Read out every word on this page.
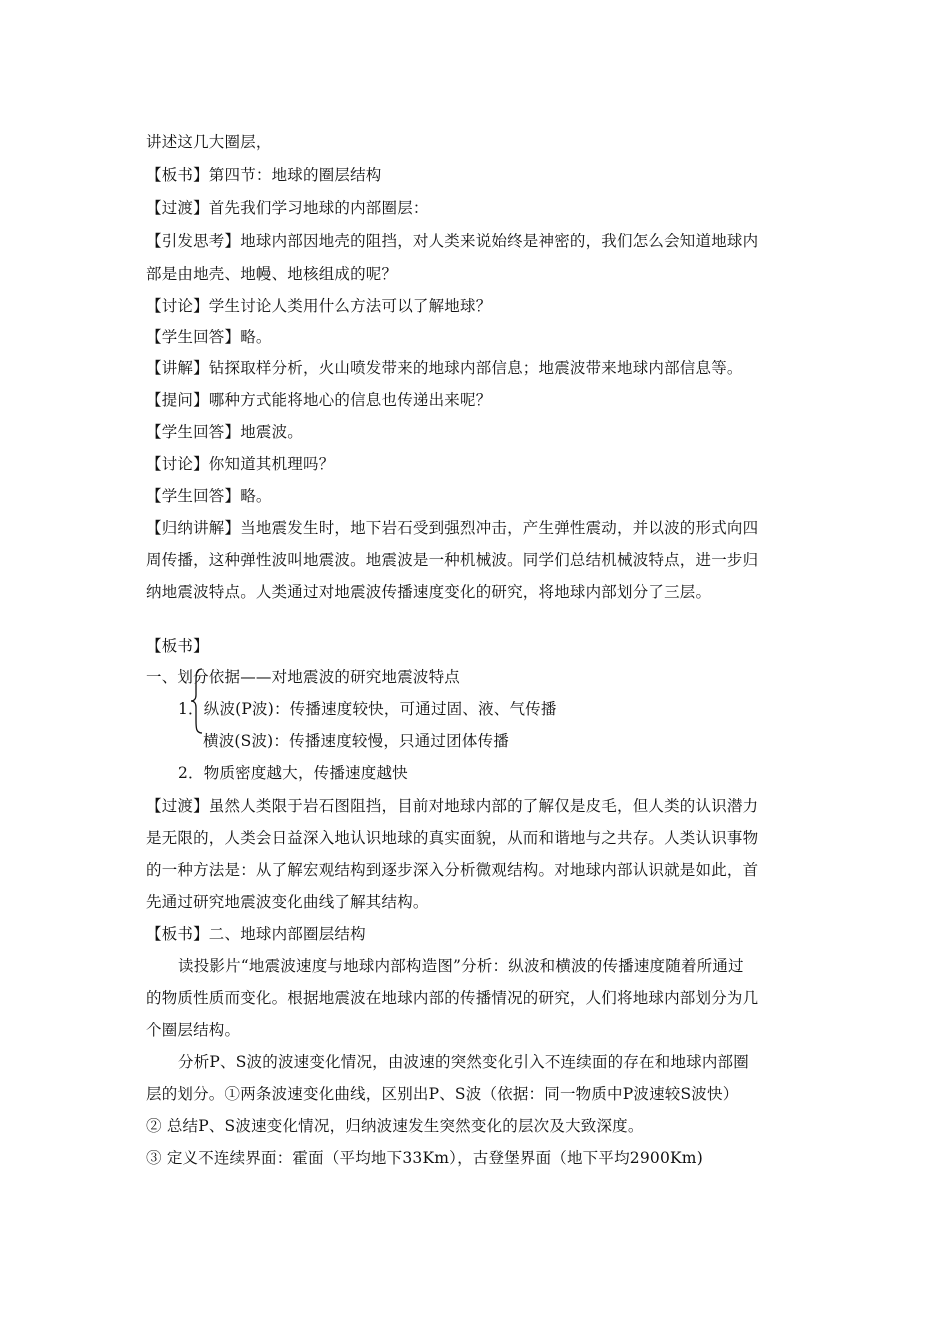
讲述这几大圈层，
【板书】第四节：地球的圈层结构
【过渡】首先我们学习地球的内部圈层：
【引发思考】地球内部因地壳的阻挡，对人类来说始终是神密的，我们怎么会知道地球内
部是由地壳、地幔、地核组成的呢？
【讨论】学生讨论人类用什么方法可以了解地球？
【学生回答】略。
【讲解】钻探取样分析，火山喷发带来的地球内部信息；地震波带来地球内部信息等。
【提问】哪种方式能将地心的信息也传递出来呢？
【学生回答】地震波。
【讨论】你知道其机理吗？
【学生回答】略。
【归纳讲解】当地震发生时，地下岩石受到强烈冲击，产生弹性震动，并以波的形式向四
周传播，这种弹性波叫地震波。地震波是一种机械波。同学们总结机械波特点，进一步归
纳地震波特点。人类通过对地震波传播速度变化的研究，将地球内部划分了三层。
【板书】
一、划分依据——对地震波的研究地震波特点
1．纵波(P波)：传播速度较快，可通过固、液、气传播
横波(S波)：传播速度较慢，只通过团体传播
2．物质密度越大，传播速度越快
【过渡】虽然人类限于岩石图阻挡，目前对地球内部的了解仅是皮毛，但人类的认识潜力
是无限的，人类会日益深入地认识地球的真实面貌，从而和谐地与之共存。人类认识事物
的一种方法是：从了解宏观结构到逐步深入分析微观结构。对地球内部认识就是如此，首
先通过研究地震波变化曲线了解其结构。
【板书】二、地球内部圈层结构
读投影片“地震波速度与地球内部构造图”分析：纵波和横波的传播速度随着所通过
的物质性质而变化。根据地震波在地球内部的传播情况的研究，人们将地球内部划分为几
个圈层结构。
分析P、S波的波速变化情况，由波速的突然变化引入不连续面的存在和地球内部圈
层的划分。①两条波速变化曲线，区别出P、S波（依据：同一物质中P波速较S波快）
② 总结P、S波速变化情况，归纳波速发生突然变化的层次及大致深度。
③ 定义不连续界面：霍面（平均地下33Km），古登堡界面（地下平均2900Km)
